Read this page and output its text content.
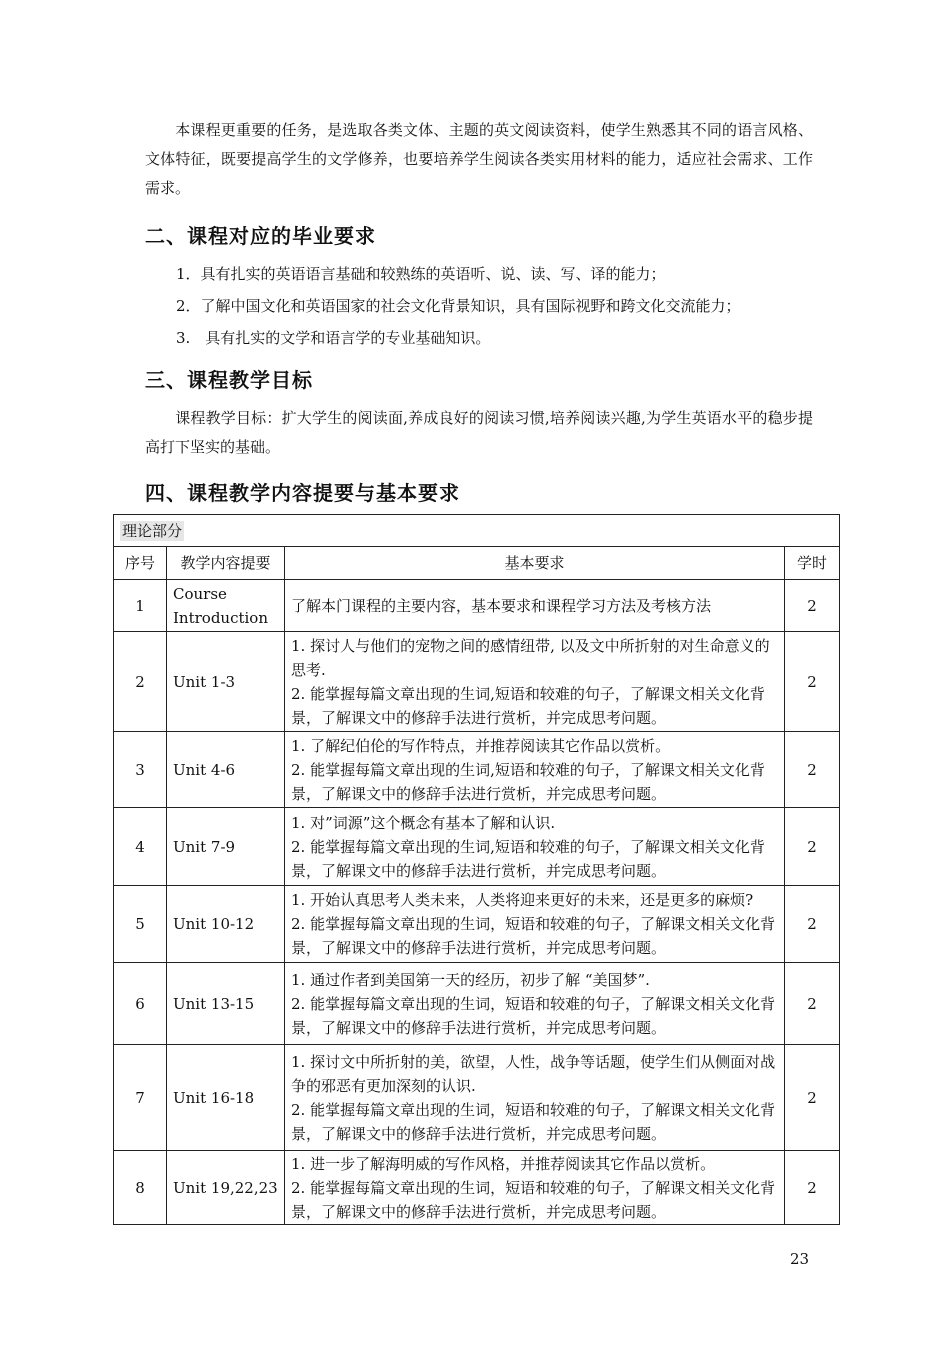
本课程更重要的任务，是选取各类文体、主题的英文阅读资料，使学生熟悉其不同的语言风格、文体特征，既要提高学生的文学修养，也要培养学生阅读各类实用材料的能力，适应社会需求、工作需求。
二、课程对应的毕业要求
1．具有扎实的英语语言基础和较熟练的英语听、说、读、写、译的能力；
2．了解中国文化和英语国家的社会文化背景知识，具有国际视野和跨文化交流能力；
3.　具有扎实的文学和语言学的专业基础知识。
三、课程教学目标
课程教学目标：扩大学生的阅读面,养成良好的阅读习惯,培养阅读兴趣,为学生英语水平的稳步提高打下坚实的基础。
四、课程教学内容提要与基本要求
理论部分			
序号	教学内容提要	基本要求	学时
1	Course Introduction	了解本门课程的主要内容，基本要求和课程学习方法及考核方法	2
2	Unit 1-3	1. 探讨人与他们的宠物之间的感情纽带, 以及文中所折射的对生命意义的思考.
2. 能掌握每篇文章出现的生词,短语和较难的句子，了解课文相关文化背景，了解课文中的修辞手法进行赏析，并完成思考问题。	2
3	Unit 4-6	1. 了解纪伯伦的写作特点，并推荐阅读其它作品以赏析。
2. 能掌握每篇文章出现的生词,短语和较难的句子，了解课文相关文化背景，了解课文中的修辞手法进行赏析，并完成思考问题。	2
4	Unit 7-9	1. 对”词源”这个概念有基本了解和认识.
2. 能掌握每篇文章出现的生词,短语和较难的句子，了解课文相关文化背景，了解课文中的修辞手法进行赏析，并完成思考问题。	2
5	Unit 10-12	1. 开始认真思考人类未来，人类将迎来更好的未来，还是更多的麻烦?
2. 能掌握每篇文章出现的生词，短语和较难的句子，了解课文相关文化背景，了解课文中的修辞手法进行赏析，并完成思考问题。	2
6	Unit 13-15	1. 通过作者到美国第一天的经历，初步了解 “美国梦”.
2. 能掌握每篇文章出现的生词，短语和较难的句子，了解课文相关文化背景，了解课文中的修辞手法进行赏析，并完成思考问题。	2
7	Unit 16-18	1. 探讨文中所折射的美，欲望，人性，战争等话题，使学生们从侧面对战争的邪恶有更加深刻的认识.
2. 能掌握每篇文章出现的生词，短语和较难的句子，了解课文相关文化背景，了解课文中的修辞手法进行赏析，并完成思考问题。	2
8	Unit 19,22,23	1. 进一步了解海明威的写作风格，并推荐阅读其它作品以赏析。
2. 能掌握每篇文章出现的生词，短语和较难的句子，了解课文相关文化背景，了解课文中的修辞手法进行赏析，并完成思考问题。	2
23
